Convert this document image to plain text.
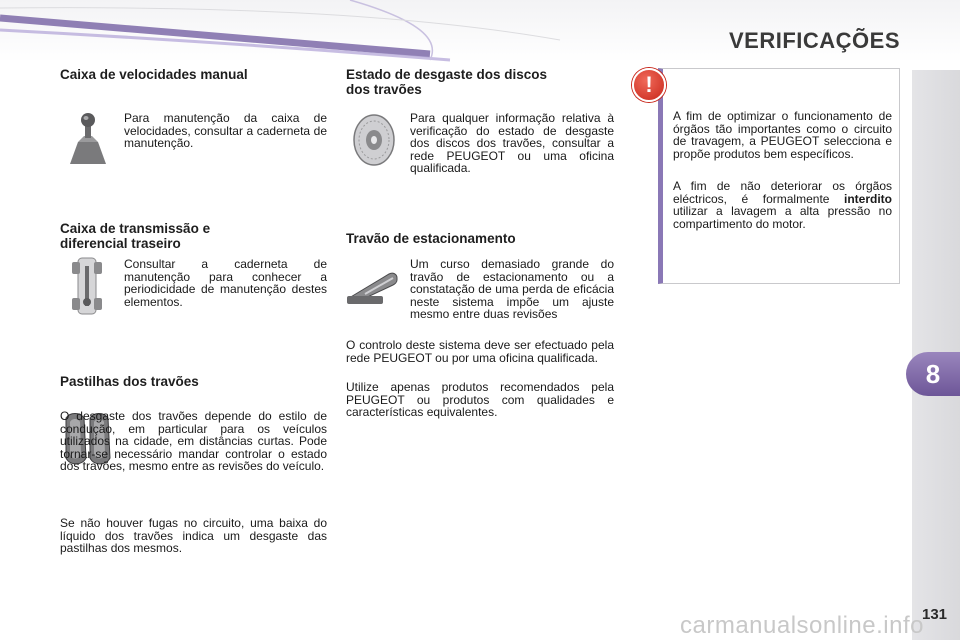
VERIFICAÇÕES
Caixa de velocidades manual

Para manutenção da caixa de velocidades, consultar a caderneta de manutenção.

Caixa de transmissão e
diferencial traseiro

Consultar a caderneta de manutenção para conhecer a periodicidade de manutenção destes elementos.

Pastilhas dos travões

O desgaste dos travões depende do estilo de condução, em particular para os veículos utilizados na cidade, em distâncias curtas. Pode tornar-se necessário mandar controlar o estado dos travões, mesmo entre as revisões do veículo.

Se não houver fugas no circuito, uma baixa do líquido dos travões indica um desgaste das pastilhas dos mesmos.

Estado de desgaste dos discos
dos travões

Para qualquer informação relativa à verificação do estado de desgaste dos discos dos travões, consultar a rede PEUGEOT ou uma oficina qualificada.

Travão de estacionamento

Um curso demasiado grande do travão de estacionamento ou a constatação de uma perda de eficácia neste sistema impõe um ajuste mesmo entre duas revisões

O controlo deste sistema deve ser efectuado pela rede PEUGEOT ou por uma oficina qualificada.

Utilize apenas produtos recomendados pela PEUGEOT ou produtos com qualidades e características equivalentes.

!

A fim de optimizar o funcionamento de órgãos tão importantes como o circuito de travagem, a PEUGEOT selecciona e propõe produtos bem específicos.

A fim de não deteriorar os órgãos eléctricos, é formalmente interdito utilizar a lavagem a alta pressão no compartimento do motor.

8
carmanualsonline.info
131
